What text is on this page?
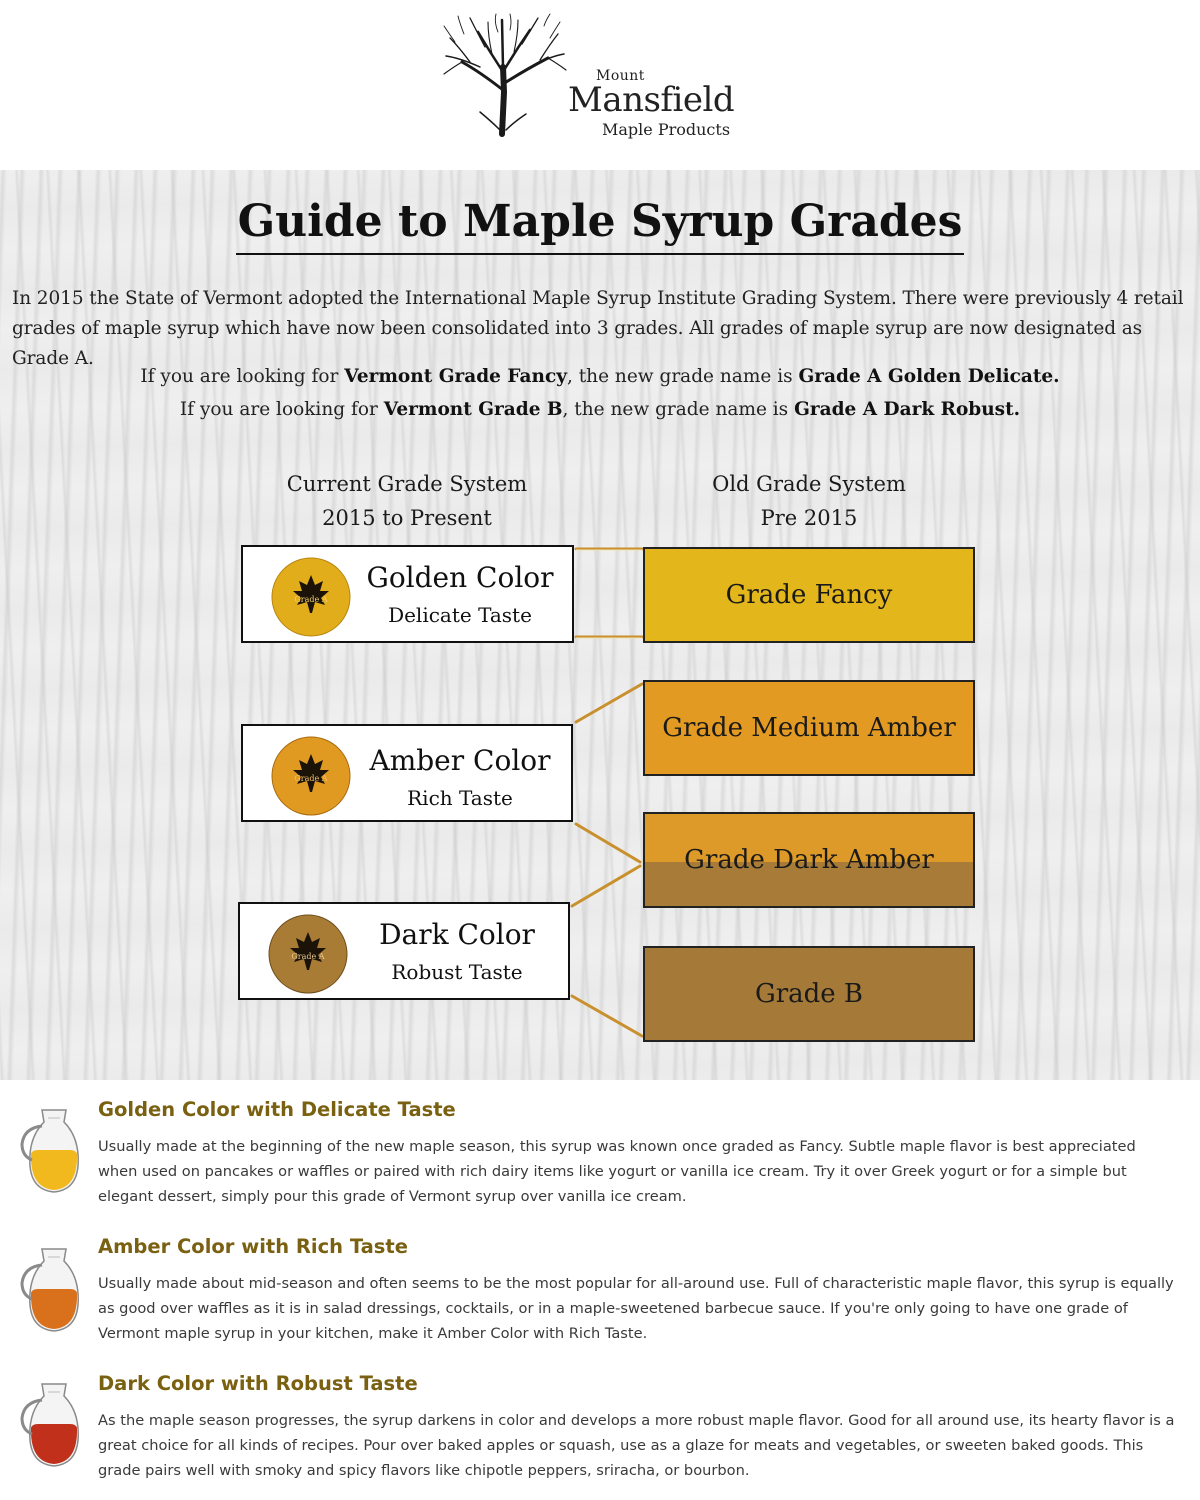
Mount
Mansfield
Maple Products
Guide to Maple Syrup Grades
In 2015 the State of Vermont adopted the International Maple Syrup Institute Grading System. There were previously 4 retail grades of maple syrup which have now been consolidated into 3 grades. All grades of maple syrup are now designated as Grade A.
If you are looking for Vermont Grade Fancy, the new grade name is Grade A Golden Delicate.
If you are looking for Vermont Grade B, the new grade name is Grade A Dark Robust.
Current Grade System
2015 to Present
Old Grade System
Pre 2015
Grade A
Golden Color
Delicate Taste
Grade A
Amber Color
Rich Taste
Grade A
Dark Color
Robust Taste
Grade Fancy
Grade Medium Amber
Grade Dark Amber
Grade B
Golden Color with Delicate Taste
Usually made at the beginning of the new maple season, this syrup was known once graded as Fancy. Subtle maple flavor is best appreciated when used on pancakes or waffles or paired with rich dairy items like yogurt or vanilla ice cream. Try it over Greek yogurt or for a simple but elegant dessert, simply pour this grade of Vermont syrup over vanilla ice cream.
Amber Color with Rich Taste
Usually made about mid-season and often seems to be the most popular for all-around use. Full of characteristic maple flavor, this syrup is equally as good over waffles as it is in salad dressings, cocktails, or in a maple-sweetened barbecue sauce. If you're only going to have one grade of Vermont maple syrup in your kitchen, make it Amber Color with Rich Taste.
Dark Color with Robust Taste
As the maple season progresses, the syrup darkens in color and develops a more robust maple flavor. Good for all around use, its hearty flavor is a great choice for all kinds of recipes. Pour over baked apples or squash, use as a glaze for meats and vegetables, or sweeten baked goods. This grade pairs well with smoky and spicy flavors like chipotle peppers, sriracha, or bourbon.
